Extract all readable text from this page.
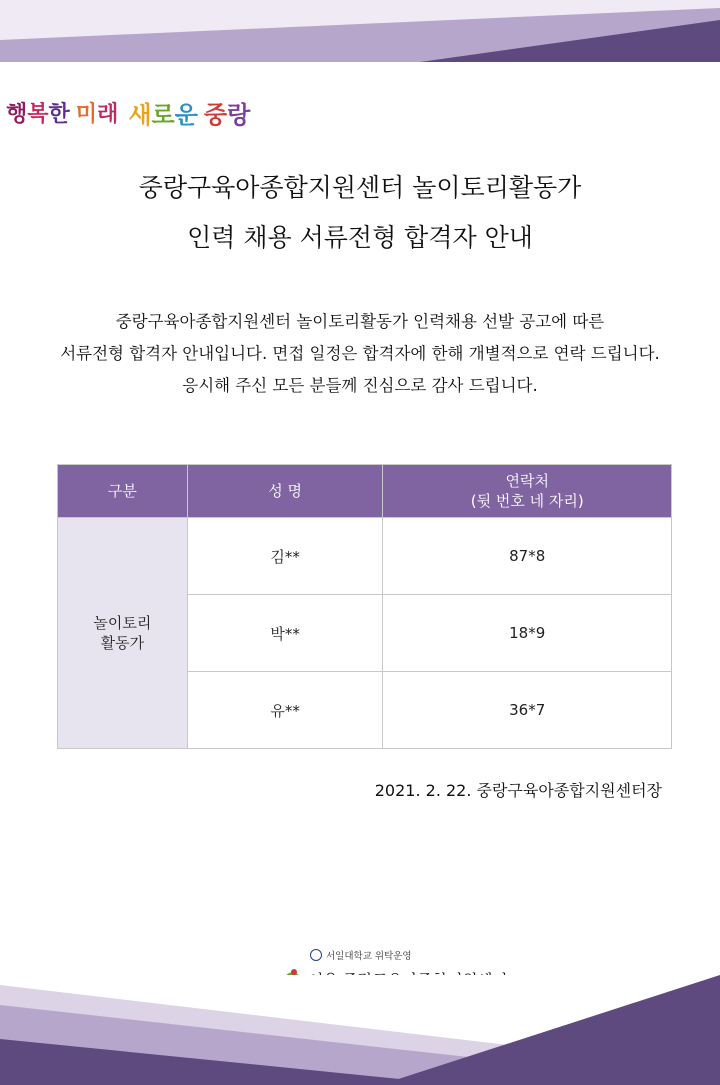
행복한 미래 새로운 중랑
중랑구육아종합지원센터 놀이토리활동가
인력 채용 서류전형 합격자 안내
중랑구육아종합지원센터 놀이토리활동가 인력채용 선발 공고에 따른
서류전형 합격자 안내입니다. 면접 일정은 합격자에 한해 개별적으로 연락 드립니다.
응시해 주신 모든 분들께 진심으로 감사 드립니다.
구분	성 명	연락처
(뒷 번호 네 자리)

놀이토리
활동가	김**	87*8
	박**	18*9
	유**	36*7
2021. 2. 22. 중랑구육아종합지원센터장
서일대학교 위탁운영
